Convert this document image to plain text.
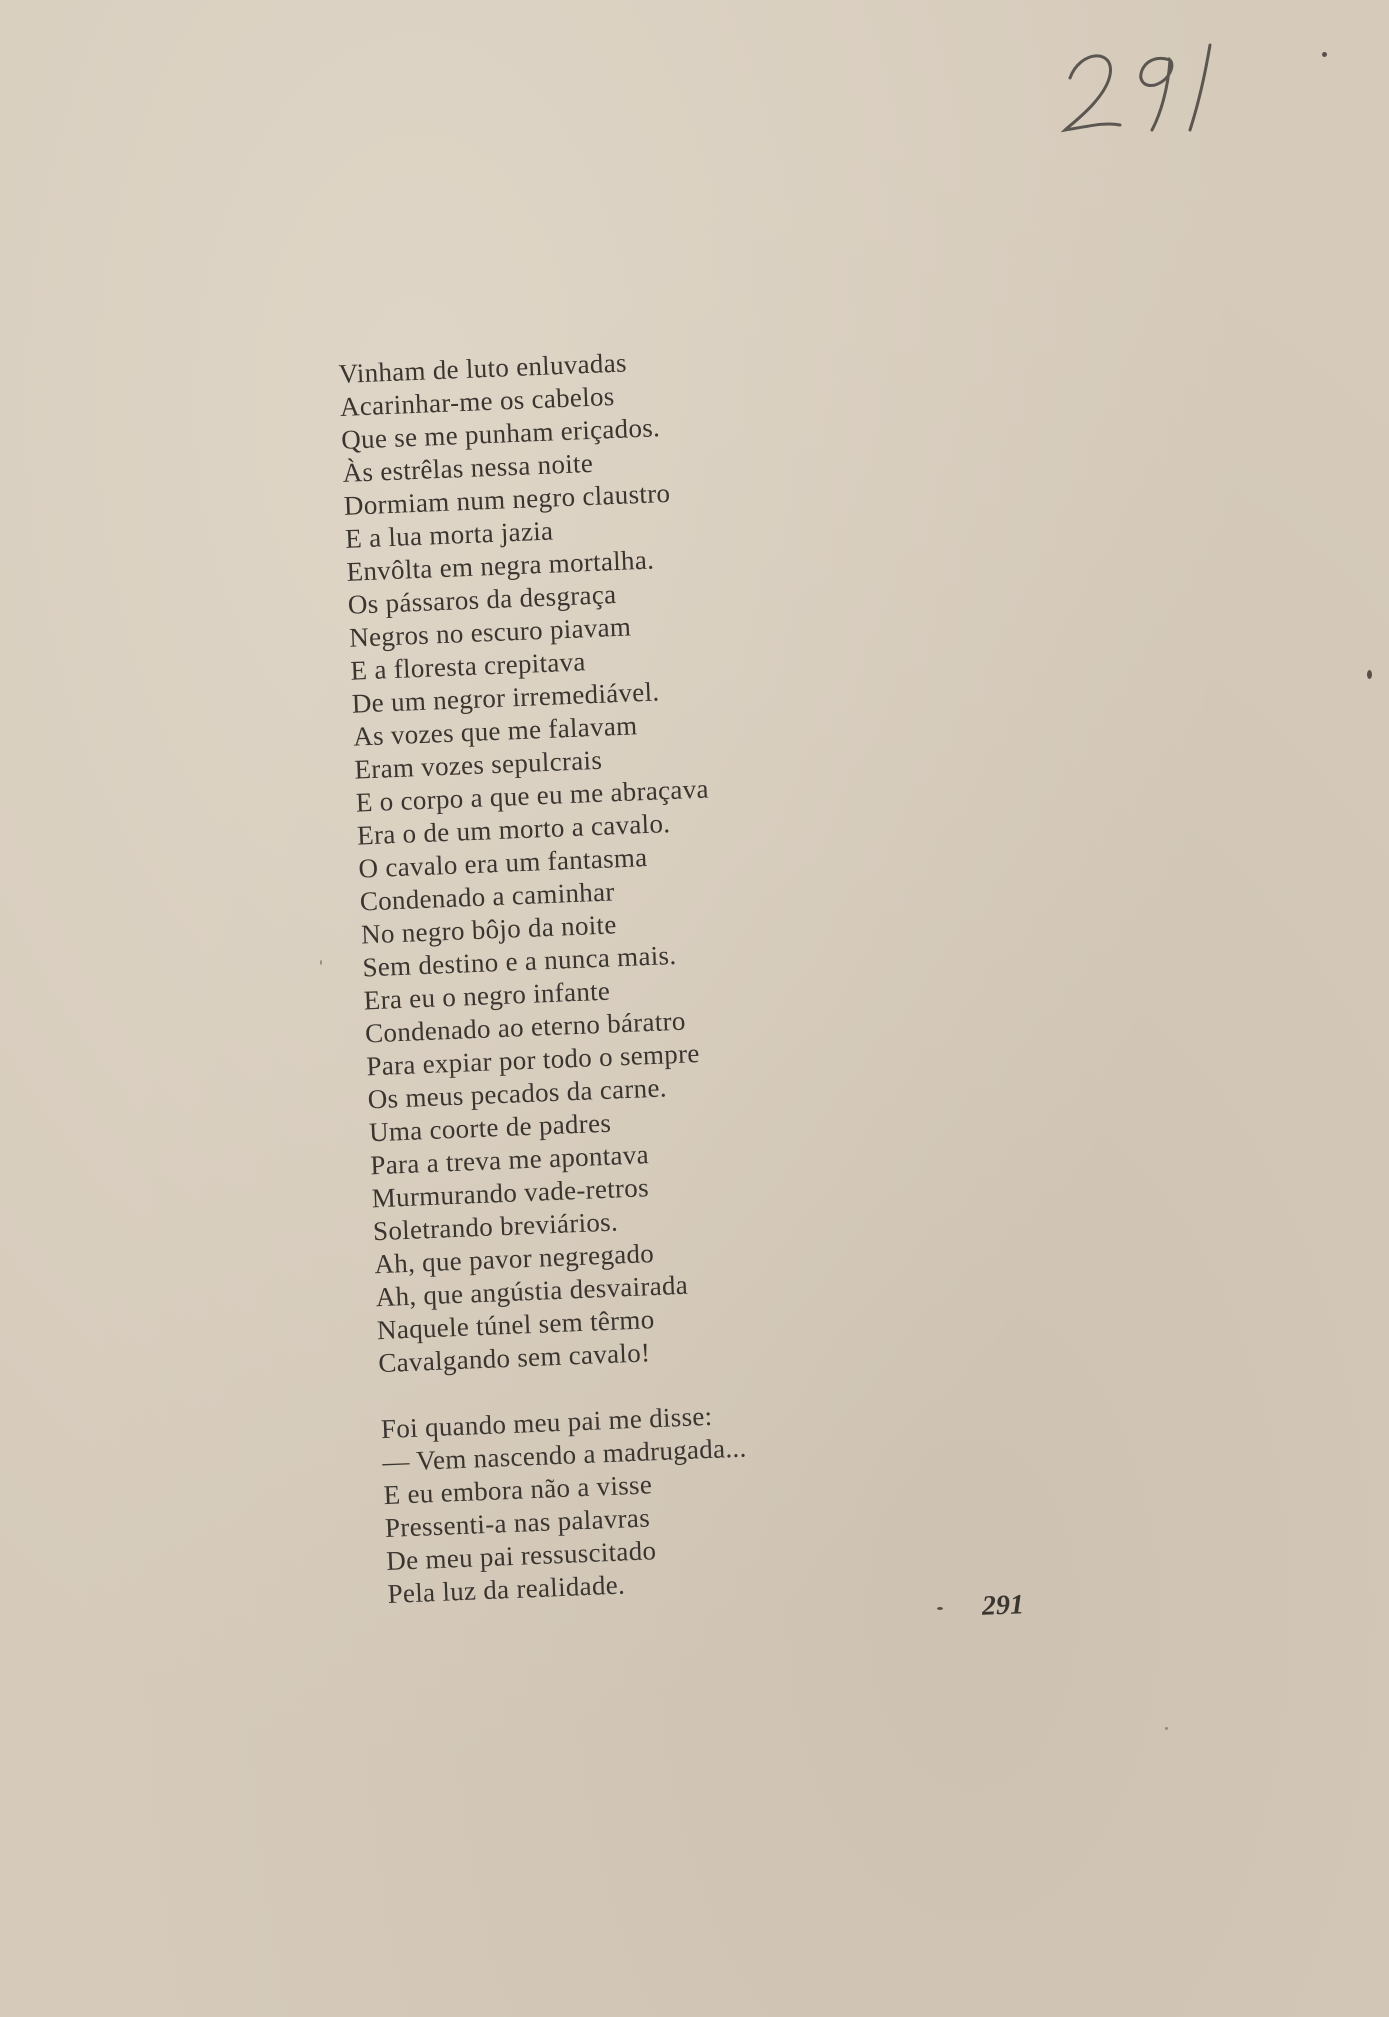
291
Vinham de luto enluvadas
Acarinhar-me os cabelos
Que se me punham eriçados.
Às estrêlas nessa noite
Dormiam num negro claustro
E a lua morta jazia
Envôlta em negra mortalha.
Os pássaros da desgraça
Negros no escuro piavam
E a floresta crepitava
De um negror irremediável.
As vozes que me falavam
Eram vozes sepulcrais
E o corpo a que eu me abraçava
Era o de um morto a cavalo.
O cavalo era um fantasma
Condenado a caminhar
No negro bôjo da noite
Sem destino e a nunca mais.
Era eu o negro infante
Condenado ao eterno báratro
Para expiar por todo o sempre
Os meus pecados da carne.
Uma coorte de padres
Para a treva me apontava
Murmurando vade-retros
Soletrando breviários.
Ah, que pavor negregado
Ah, que angústia desvairada
Naquele túnel sem têrmo
Cavalgando sem cavalo!
Foi quando meu pai me disse:
— Vem nascendo a madrugada...
E eu embora não a visse
Pressenti-a nas palavras
De meu pai ressuscitado
Pela luz da realidade.	291
